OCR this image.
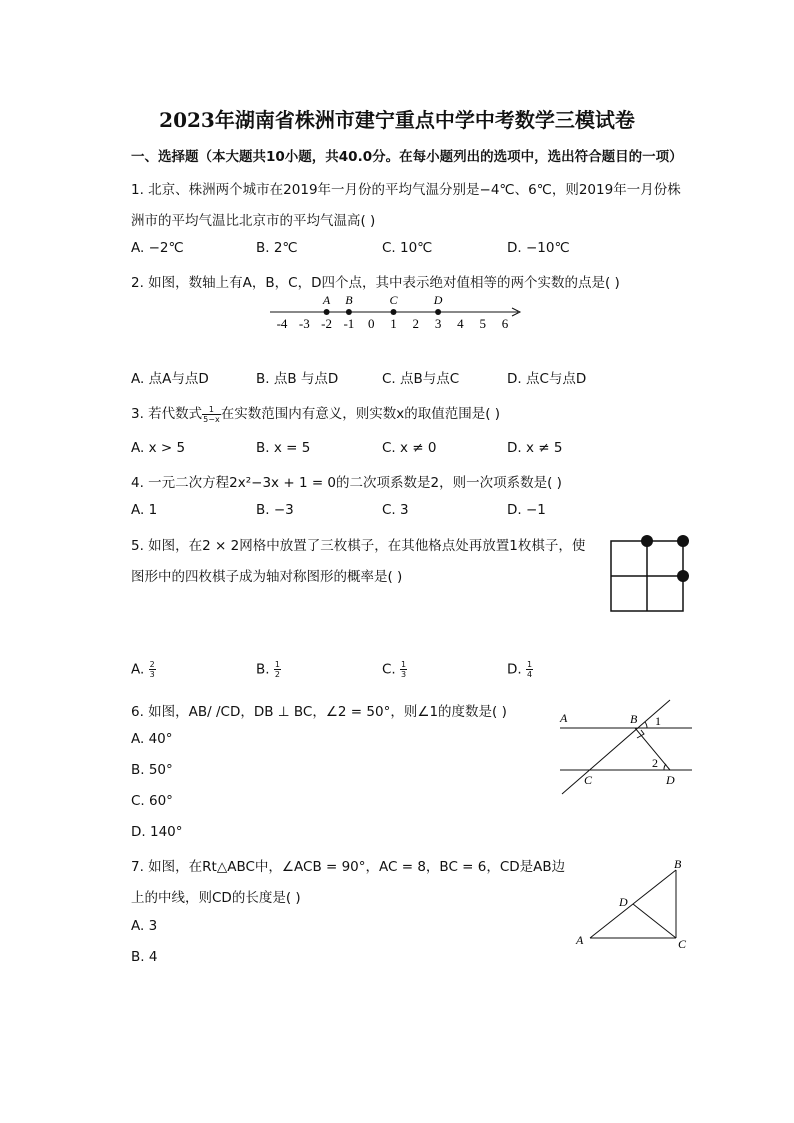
2023年湖南省株洲市建宁重点中学中考数学三模试卷
一、选择题（本大题共10小题，共40.0分。在每小题列出的选项中，选出符合题目的一项）
1. 北京、株洲两个城市在2019年一月份的平均气温分别是−4℃、6℃，则2019年一月份株
洲市的平均气温比北京市的平均气温高( )
A. −2℃	B. 2℃	C. 10℃	D. −10℃
2. 如图，数轴上有A，B，C，D四个点，其中表示绝对值相等的两个实数的点是( )
-4 -3 -2 -1 0 1 2 3 4 5 6
A B	C	D
A. 点A与点D	B. 点B 与点D	C. 点B与点C	D. 点C与点D
3. 若代数式 $\frac{1}{5-x}$ 在实数范围内有意义，则实数x的取值范围是( )
A. x > 5	B. x = 5	C. x ≠ 0	D. x ≠ 5
4. 一元二次方程2x²−3x + 1 = 0的二次项系数是2，则一次项系数是( )
A. 1	B. −3	C. 3	D. −1
5. 如图，在2 × 2网格中放置了三枚棋子，在其他格点处再放置1枚棋子，使
图形中的四枚棋子成为轴对称图形的概率是( )
A. $\frac{2}{3}$	B. $\frac{1}{2}$	C. $\frac{1}{3}$	D. $\frac{1}{4}$
6. 如图，AB/ /CD，DB ⊥ BC，∠2 = 50°，则∠1的度数是( )
A. 40°
B. 50°
C. 60°
D. 140°
A	B 1
2
C	D
7. 如图，在Rt△ABC中，∠ACB = 90°，AC = 8，BC = 6，CD是AB边
上的中线，则CD的长度是( )
A. 3
B. 4
B
D
A	C
